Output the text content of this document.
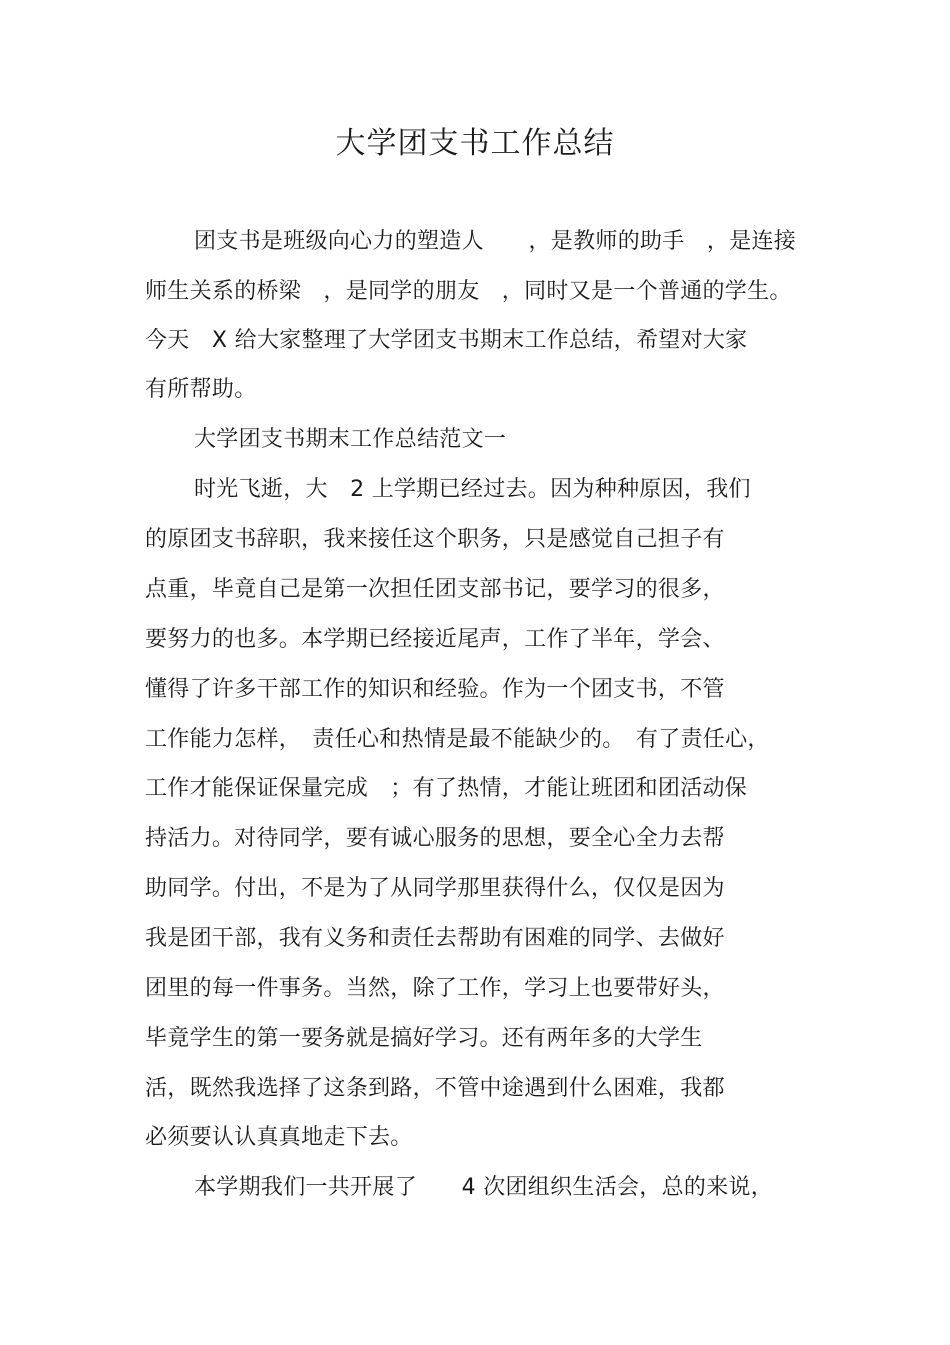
大学团支书工作总结

团支书是班级向心力的塑造人　　，是教师的助手　，是连接

师生关系的桥梁　，是同学的朋友　，同时又是一个普通的学生。

今天　X 给大家整理了大学团支书期末工作总结，希望对大家

有所帮助。

大学团支书期末工作总结范文一

时光飞逝，大　2 上学期已经过去。因为种种原因，我们

的原团支书辞职，我来接任这个职务，只是感觉自己担子有

点重，毕竟自己是第一次担任团支部书记，要学习的很多，

要努力的也多。本学期已经接近尾声，工作了半年，学会、

懂得了许多干部工作的知识和经验。作为一个团支书，不管

工作能力怎样，　责任心和热情是最不能缺少的。　有了责任心，

工作才能保证保量完成　；有了热情，才能让班团和团活动保

持活力。对待同学，要有诚心服务的思想，要全心全力去帮

助同学。付出，不是为了从同学那里获得什么，仅仅是因为

我是团干部，我有义务和责任去帮助有困难的同学、去做好

团里的每一件事务。当然，除了工作，学习上也要带好头，

毕竟学生的第一要务就是搞好学习。还有两年多的大学生

活，既然我选择了这条到路，不管中途遇到什么困难，我都

必须要认认真真地走下去。

本学期我们一共开展了　　4 次团组织生活会，总的来说，
